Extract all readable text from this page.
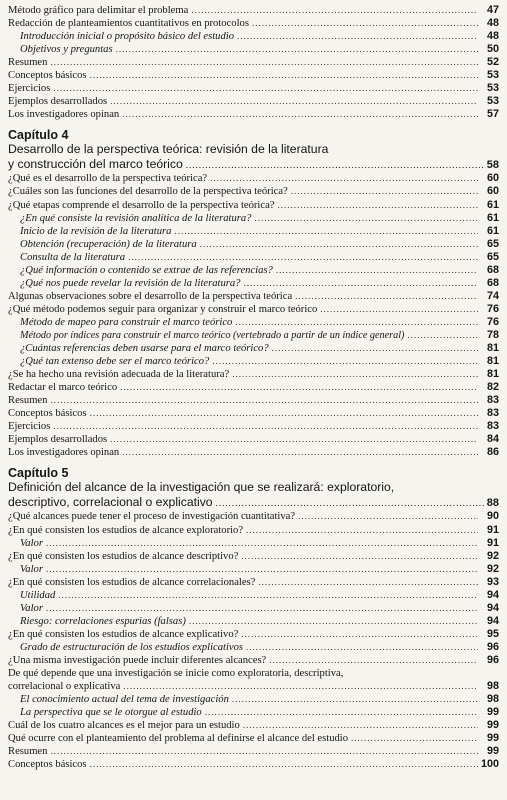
Método gráfico para delimitar el problema .....	47
Redacción de planteamientos cuantitativos en protocolos .....	48
Introducción inicial o propósito básico del estudio .....	48
Objetivos y preguntas .....	50
Resumen .....	52
Conceptos básicos .....	53
Ejercicios .....	53
Ejemplos desarrollados .....	53
Los investigadores opinan .....	57
Capítulo 4
Desarrollo de la perspectiva teórica: revisión de la literatura
y construcción del marco teórico .....	58
¿Qué es el desarrollo de la perspectiva teórica? .....	60
¿Cuáles son las funciones del desarrollo de la perspectiva teórica? .....	60
¿Qué etapas comprende el desarrollo de la perspectiva teórica? .....	61
¿En qué consiste la revisión analítica de la literatura? .....	61
Inicio de la revisión de la literatura .....	61
Obtención (recuperación) de la literatura .....	65
Consulta de la literatura .....	65
¿Qué información o contenido se extrae de las referencias? .....	68
¿Qué nos puede revelar la revisión de la literatura? .....	68
Algunas observaciones sobre el desarrollo de la perspectiva teórica .....	74
¿Qué método podemos seguir para organizar y construir el marco teórico .....	76
Método de mapeo para construir el marco teórico .....	76
Método por índices para construir el marco teórico (vertebrado a partir de un índice general) .....	78
¿Cuántas referencias deben usarse para el marco teórico? .....	81
¿Qué tan extenso debe ser el marco teórico? .....	81
¿Se ha hecho una revisión adecuada de la literatura? .....	81
Redactar el marco teórico .....	82
Resumen .....	83
Conceptos básicos .....	83
Ejercicios .....	83
Ejemplos desarrollados .....	84
Los investigadores opinan .....	86
Capítulo 5
Definición del alcance de la investigación que se realizará: exploratorio,
descriptivo, correlacional o explicativo .....	88
¿Qué alcances puede tener el proceso de investigación cuantitativa? .....	90
¿En qué consisten los estudios de alcance exploratorio? .....	91
Valor .....	91
¿En qué consisten los estudios de alcance descriptivo? .....	92
Valor .....	92
¿En qué consisten los estudios de alcance correlacionales? .....	93
Utilidad .....	94
Valor .....	94
Riesgo: correlaciones espurias (falsas) .....	94
¿En qué consisten los estudios de alcance explicativo? .....	95
Grado de estructuración de los estudios explicativos .....	96
¿Una misma investigación puede incluir diferentes alcances? .....	96
De qué depende que una investigación se inicie como exploratoria, descriptiva,
correlacional o explicativa .....	98
El conocimiento actual del tema de investigación .....	98
La perspectiva que se le otorgue al estudio .....	99
Cuál de los cuatro alcances es el mejor para un estudio .....	99
Qué ocurre con el planteamiento del problema al definirse el alcance del estudio .....	99
Resumen .....	99
Conceptos básicos .....	100
